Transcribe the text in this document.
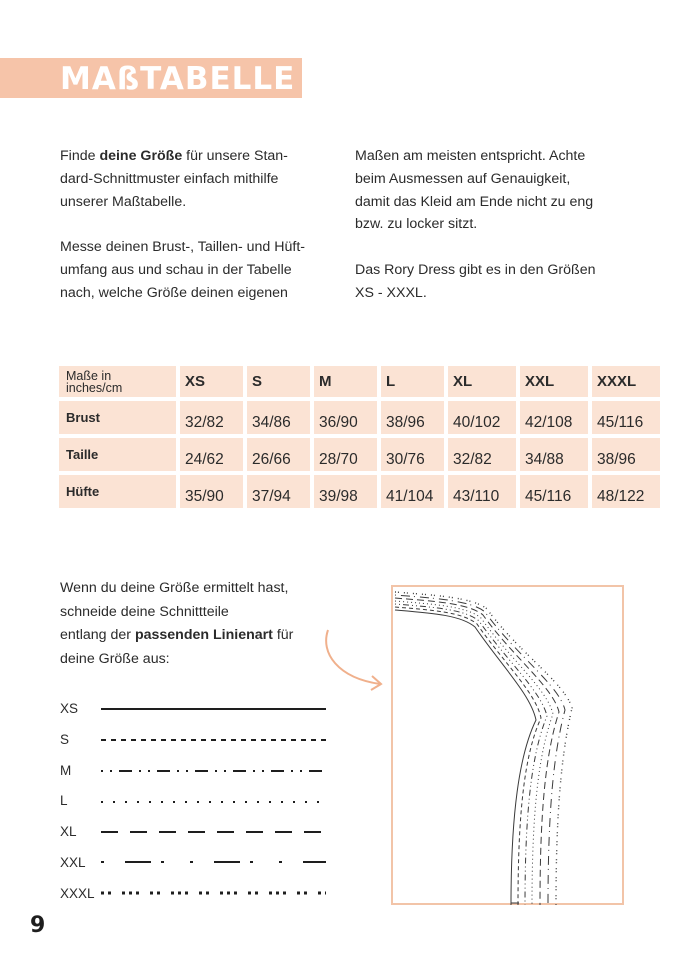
MAßTABELLE

Finde deine Größe für unsere Stan-

dard-Schnittmuster einfach mithilfe

unserer Maßtabelle.

Messe deinen Brust-, Taillen- und Hüft-

umfang aus und schau in der Tabelle

nach, welche Größe deinen eigenen

Maßen am meisten entspricht. Achte

beim Ausmessen auf Genauigkeit,

damit das Kleid am Ende nicht zu eng

bzw. zu locker sitzt.

Das Rory Dress gibt es in den Größen

XS - XXXL.

Maße in
inches/cm	XS	S	M	L	XL	XXL	XXXL
Brust	32/82	34/86	36/90	38/96	40/102	42/108	45/116
Taille	24/62	26/66	28/70	30/76	32/82	34/88	38/96
Hüfte	35/90	37/94	39/98	41/104	43/110	45/116	48/122

Wenn du deine Größe ermittelt hast,

schneide deine Schnittteile

entlang der passenden Linienart für

deine Größe aus:

XS
S
M
L
XL
XXL
XXXL
9
